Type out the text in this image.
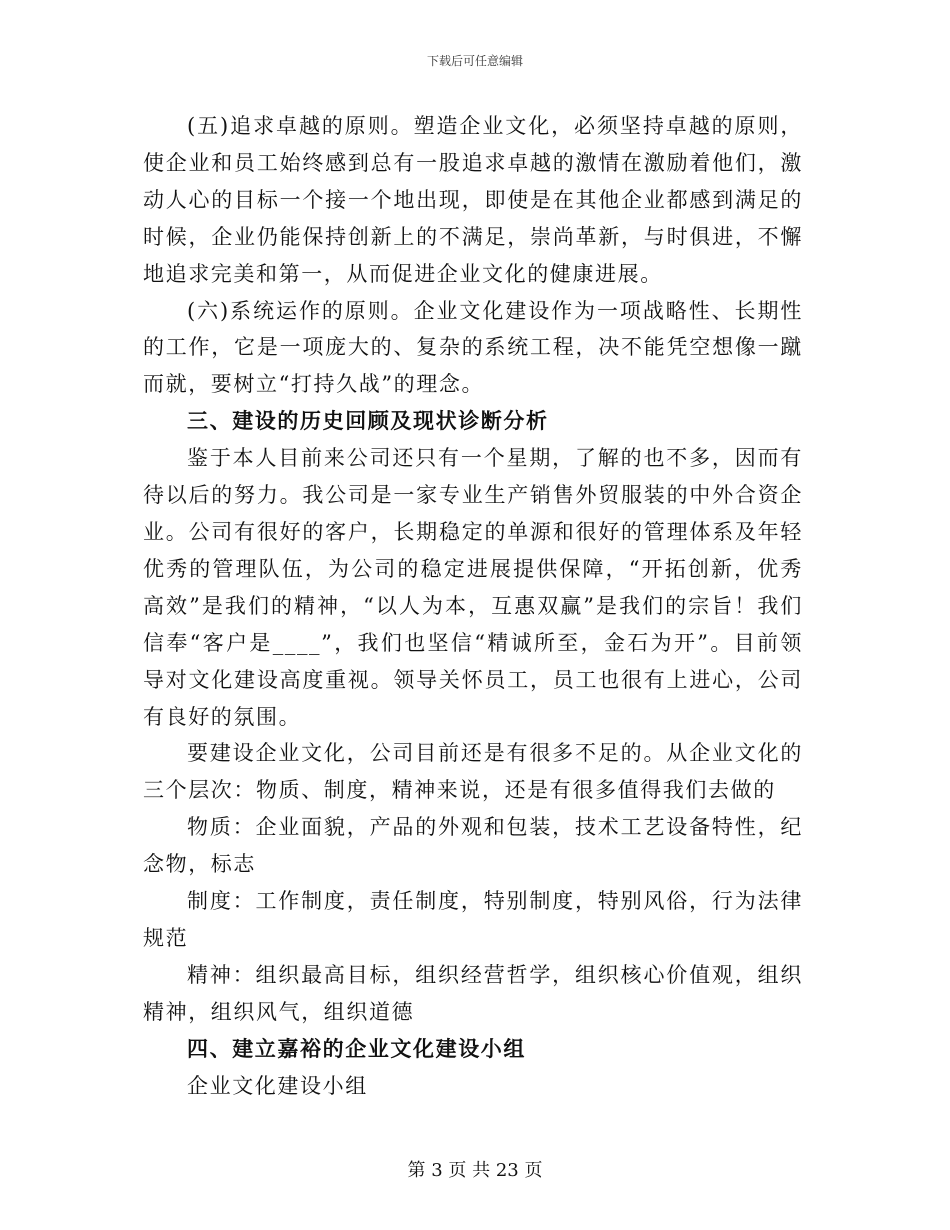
下载后可任意编辑

(五)追求卓越的原则。塑造企业文化，必须坚持卓越的原则，使企业和员工始终感到总有一股追求卓越的激情在激励着他们，激动人心的目标一个接一个地出现，即使是在其他企业都感到满足的时候，企业仍能保持创新上的不满足，崇尚革新，与时俱进，不懈地追求完美和第一，从而促进企业文化的健康进展。

(六)系统运作的原则。企业文化建设作为一项战略性、长期性的工作，它是一项庞大的、复杂的系统工程，决不能凭空想像一蹴而就，要树立“打持久战”的理念。

三、建设的历史回顾及现状诊断分析

鉴于本人目前来公司还只有一个星期，了解的也不多，因而有待以后的努力。我公司是一家专业生产销售外贸服装的中外合资企业。公司有很好的客户，长期稳定的单源和很好的管理体系及年轻优秀的管理队伍，为公司的稳定进展提供保障，“开拓创新，优秀高效”是我们的精神，“以人为本，互惠双赢”是我们的宗旨！我们信奉“客户是____”，我们也坚信“精诚所至，金石为开”。目前领导对文化建设高度重视。领导关怀员工，员工也很有上进心，公司有良好的氛围。

要建设企业文化，公司目前还是有很多不足的。从企业文化的三个层次：物质、制度，精神来说，还是有很多值得我们去做的

物质：企业面貌，产品的外观和包装，技术工艺设备特性，纪念物，标志

制度：工作制度，责任制度，特别制度，特别风俗，行为法律规范

精神：组织最高目标，组织经营哲学，组织核心价值观，组织精神，组织风气，组织道德

四、建立嘉裕的企业文化建设小组

企业文化建设小组

第 3 页 共 23 页
